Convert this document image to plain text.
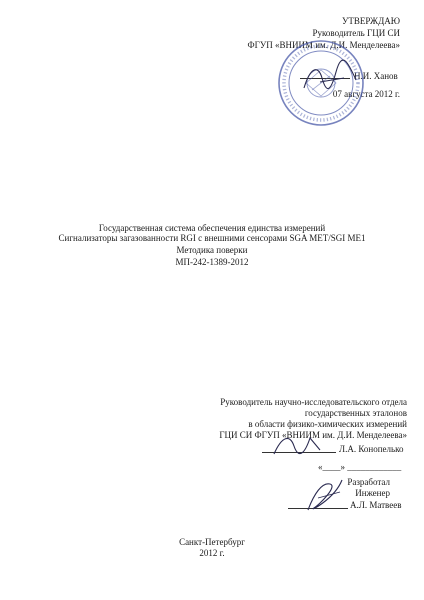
УТВЕРЖДАЮ
Руководитель ГЦИ СИ
ФГУП «ВНИИМ им. Д.И. Менделеева»
Н.И. Ханов
07 августа 2012 г.
Государственная система обеспечения единства измерений
Сигнализаторы загазованности RGI с внешними сенсорами SGA MET/SGI ME1
Методика поверки
МП-242-1389-2012
Руководитель научно-исследовательского отдела
государственных эталонов
в области физико-химических измерений
ГЦИ СИ ФГУП «ВНИИМ им. Д.И. Менделеева»
Л.А. Конопелько
«____» ____________
Разработал
Инженер
А.Л. Матвеев
Санкт-Петербург
2012 г.
